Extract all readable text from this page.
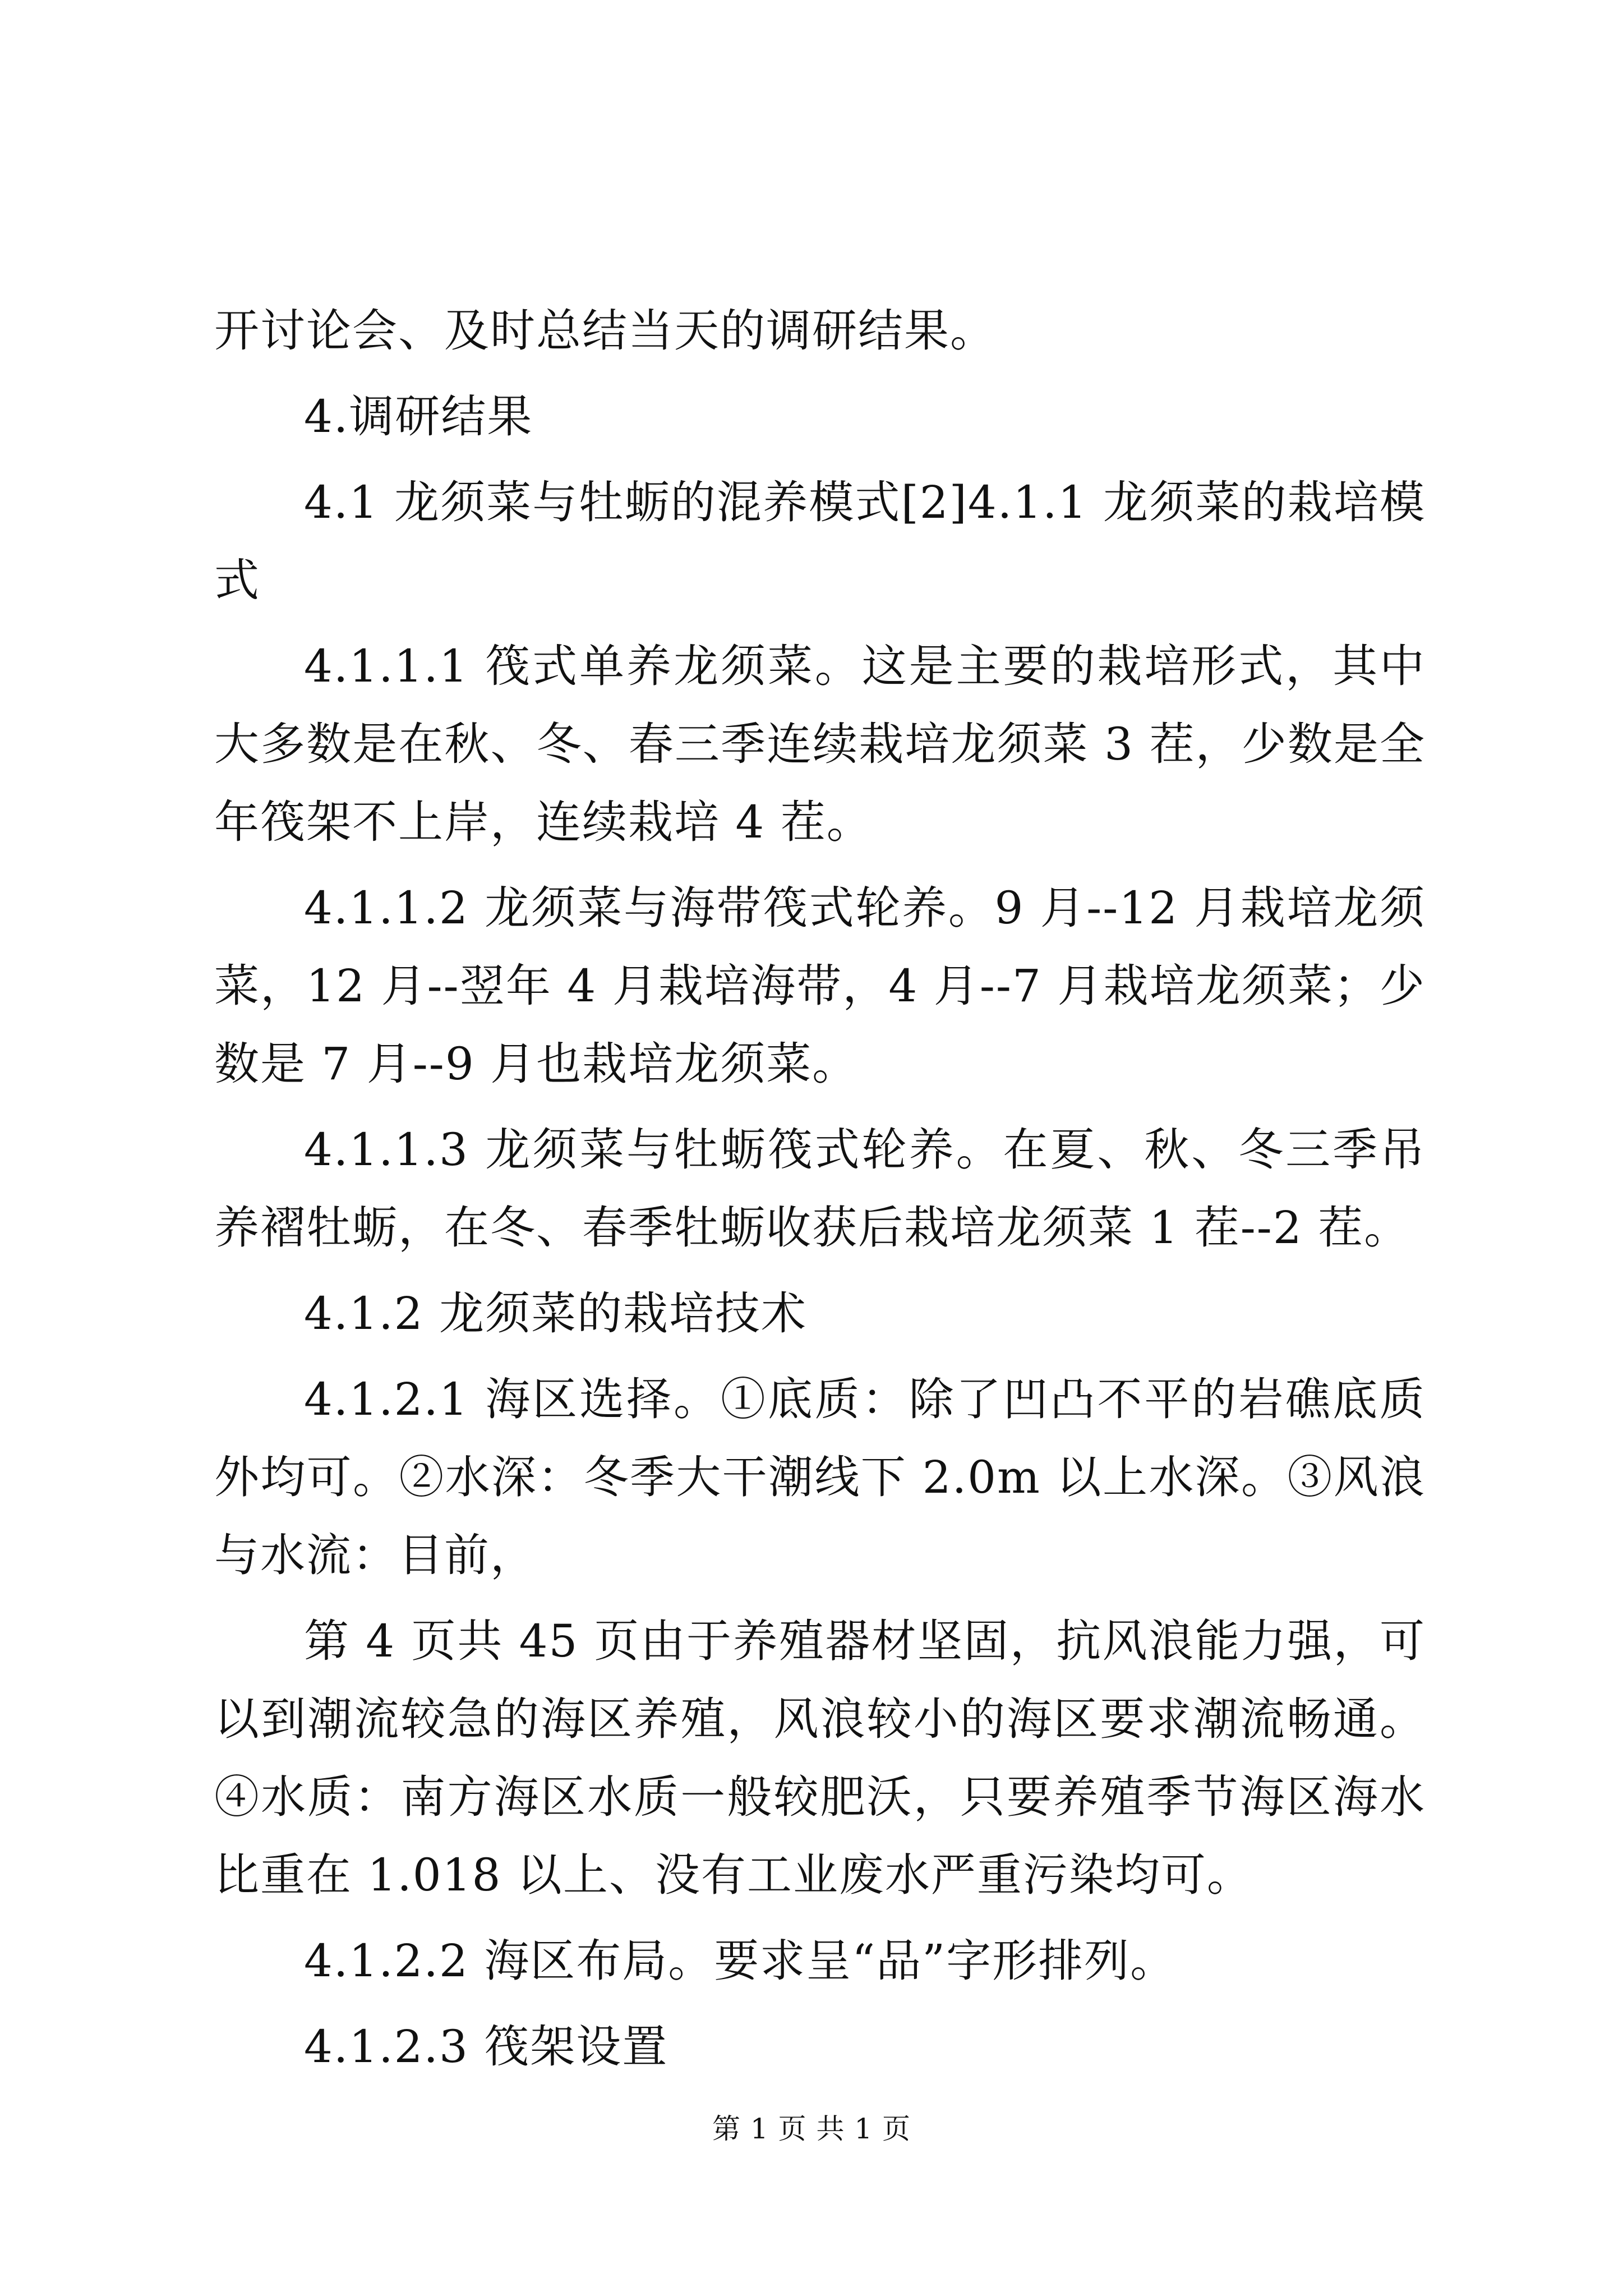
开讨论会、及时总结当天的调研结果。

4.调研结果

4.1 龙须菜与牡蛎的混养模式[2]4.1.1 龙须菜的栽培模式

4.1.1.1 筏式单养龙须菜。这是主要的栽培形式，其中大多数是在秋、冬、春三季连续栽培龙须菜 3 茬，少数是全年筏架不上岸，连续栽培 4 茬。

4.1.1.2 龙须菜与海带筏式轮养。9 月--12 月栽培龙须菜，12 月--翌年 4 月栽培海带，4 月--7 月栽培龙须菜；少数是 7 月--9 月也栽培龙须菜。

4.1.1.3 龙须菜与牡蛎筏式轮养。在夏、秋、冬三季吊养褶牡蛎，在冬、春季牡蛎收获后栽培龙须菜 1 茬--2 茬。

4.1.2 龙须菜的栽培技术

4.1.2.1 海区选择。①底质：除了凹凸不平的岩礁底质外均可。②水深：冬季大干潮线下 2.0m 以上水深。③风浪与水流：目前，

第 4 页共 45 页由于养殖器材坚固，抗风浪能力强，可以到潮流较急的海区养殖，风浪较小的海区要求潮流畅通。④水质：南方海区水质一般较肥沃，只要养殖季节海区海水比重在 1.018 以上、没有工业废水严重污染均可。

4.1.2.2 海区布局。要求呈“品”字形排列。

4.1.2.3 筏架设置

第 1 页 共 1 页
